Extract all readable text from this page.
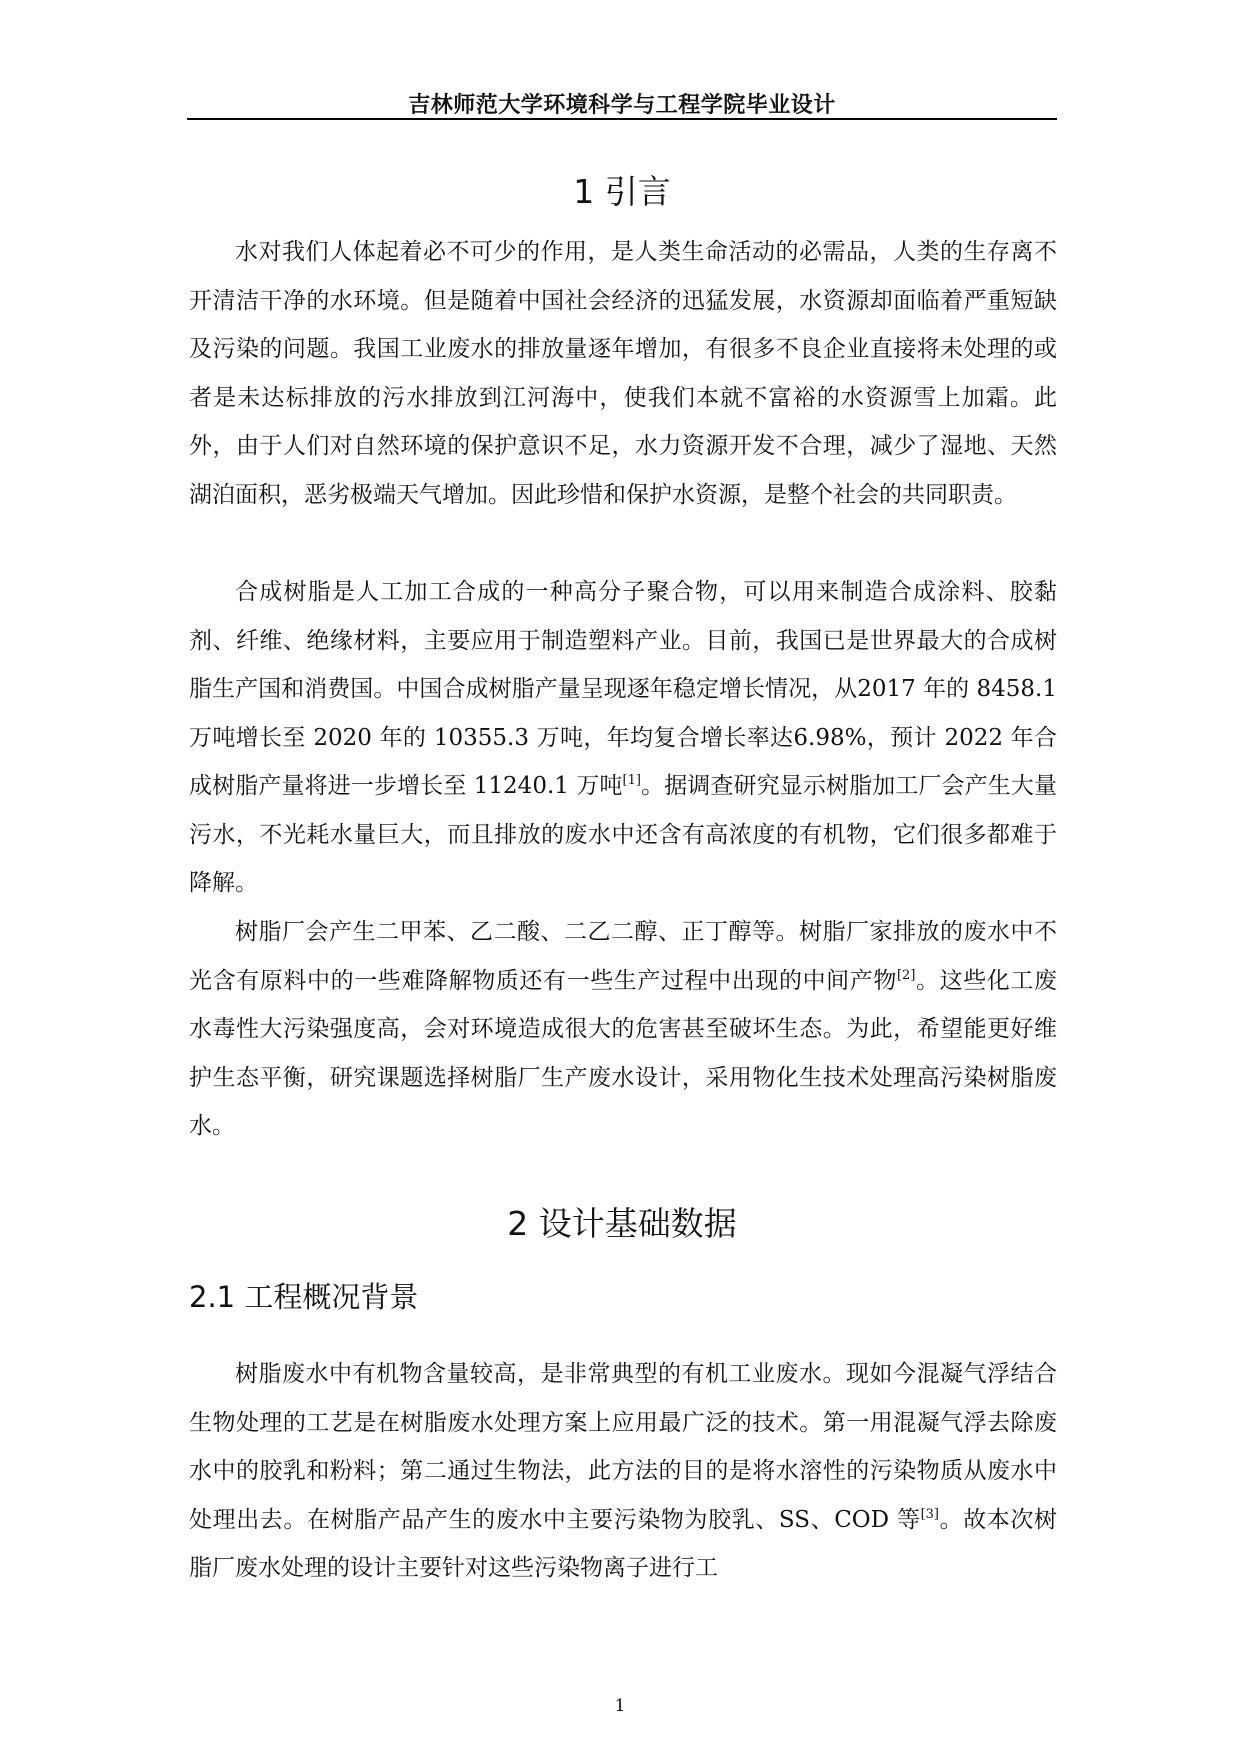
吉林师范大学环境科学与工程学院毕业设计
1 引言

水对我们人体起着必不可少的作用，是人类生命活动的必需品，人类的生存离不开清洁干净的水环境。但是随着中国社会经济的迅猛发展，水资源却面临着严重短缺及污染的问题。我国工业废水的排放量逐年增加，有很多不良企业直接将未处理的或者是未达标排放的污水排放到江河海中，使我们本就不富裕的水资源雪上加霜。此外，由于人们对自然环境的保护意识不足，水力资源开发不合理，减少了湿地、天然湖泊面积，恶劣极端天气增加。因此珍惜和保护水资源，是整个社会的共同职责。

合成树脂是人工加工合成的一种高分子聚合物，可以用来制造合成涂料、胶黏剂、纤维、绝缘材料，主要应用于制造塑料产业。目前，我国已是世界最大的合成树脂生产国和消费国。中国合成树脂产量呈现逐年稳定增长情况，从2017 年的 8458.1 万吨增长至 2020 年的 10355.3 万吨，年均复合增长率达6.98%，预计 2022 年合成树脂产量将进一步增长至 11240.1 万吨[1]。据调查研究显示树脂加工厂会产生大量污水，不光耗水量巨大，而且排放的废水中还含有高浓度的有机物，它们很多都难于降解。

树脂厂会产生二甲苯、乙二酸、二乙二醇、正丁醇等。树脂厂家排放的废水中不光含有原料中的一些难降解物质还有一些生产过程中出现的中间产物[2]。这些化工废水毒性大污染强度高，会对环境造成很大的危害甚至破坏生态。为此，希望能更好维护生态平衡，研究课题选择树脂厂生产废水设计，采用物化生技术处理高污染树脂废水。

2 设计基础数据
2.1 工程概况背景

树脂废水中有机物含量较高，是非常典型的有机工业废水。现如今混凝气浮结合生物处理的工艺是在树脂废水处理方案上应用最广泛的技术。第一用混凝气浮去除废水中的胶乳和粉料；第二通过生物法，此方法的目的是将水溶性的污染物质从废水中处理出去。在树脂产品产生的废水中主要污染物为胶乳、SS、COD 等[3]。故本次树脂厂废水处理的设计主要针对这些污染物离子进行工

1
